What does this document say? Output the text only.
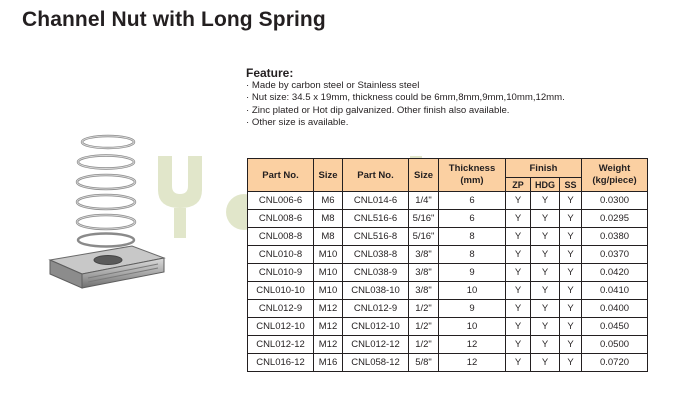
Channel Nut with Long Spring
Feature:
· Made by carbon steel or Stainless steel
· Nut size: 34.5 x 19mm, thickness could be 6mm,8mm,9mm,10mm,12mm.
· Zinc plated or Hot dip galvanized. Other finish also available.
· Other size is available.
Part No.	Size	Part No.	Size	Thickness (mm)	Finish			Weight (kg/piece)
					ZP	HDG	SS	
CNL006-6	M6	CNL014-6	1/4"	6	Y	Y	Y	0.0300
CNL008-6	M8	CNL516-6	5/16"	6	Y	Y	Y	0.0295
CNL008-8	M8	CNL516-8	5/16"	8	Y	Y	Y	0.0380
CNL010-8	M10	CNL038-8	3/8"	8	Y	Y	Y	0.0370
CNL010-9	M10	CNL038-9	3/8"	9	Y	Y	Y	0.0420
CNL010-10	M10	CNL038-10	3/8"	10	Y	Y	Y	0.0410
CNL012-9	M12	CNL012-9	1/2"	9	Y	Y	Y	0.0400
CNL012-10	M12	CNL012-10	1/2"	10	Y	Y	Y	0.0450
CNL012-12	M12	CNL012-12	1/2"	12	Y	Y	Y	0.0500
CNL016-12	M16	CNL058-12	5/8"	12	Y	Y	Y	0.0720
